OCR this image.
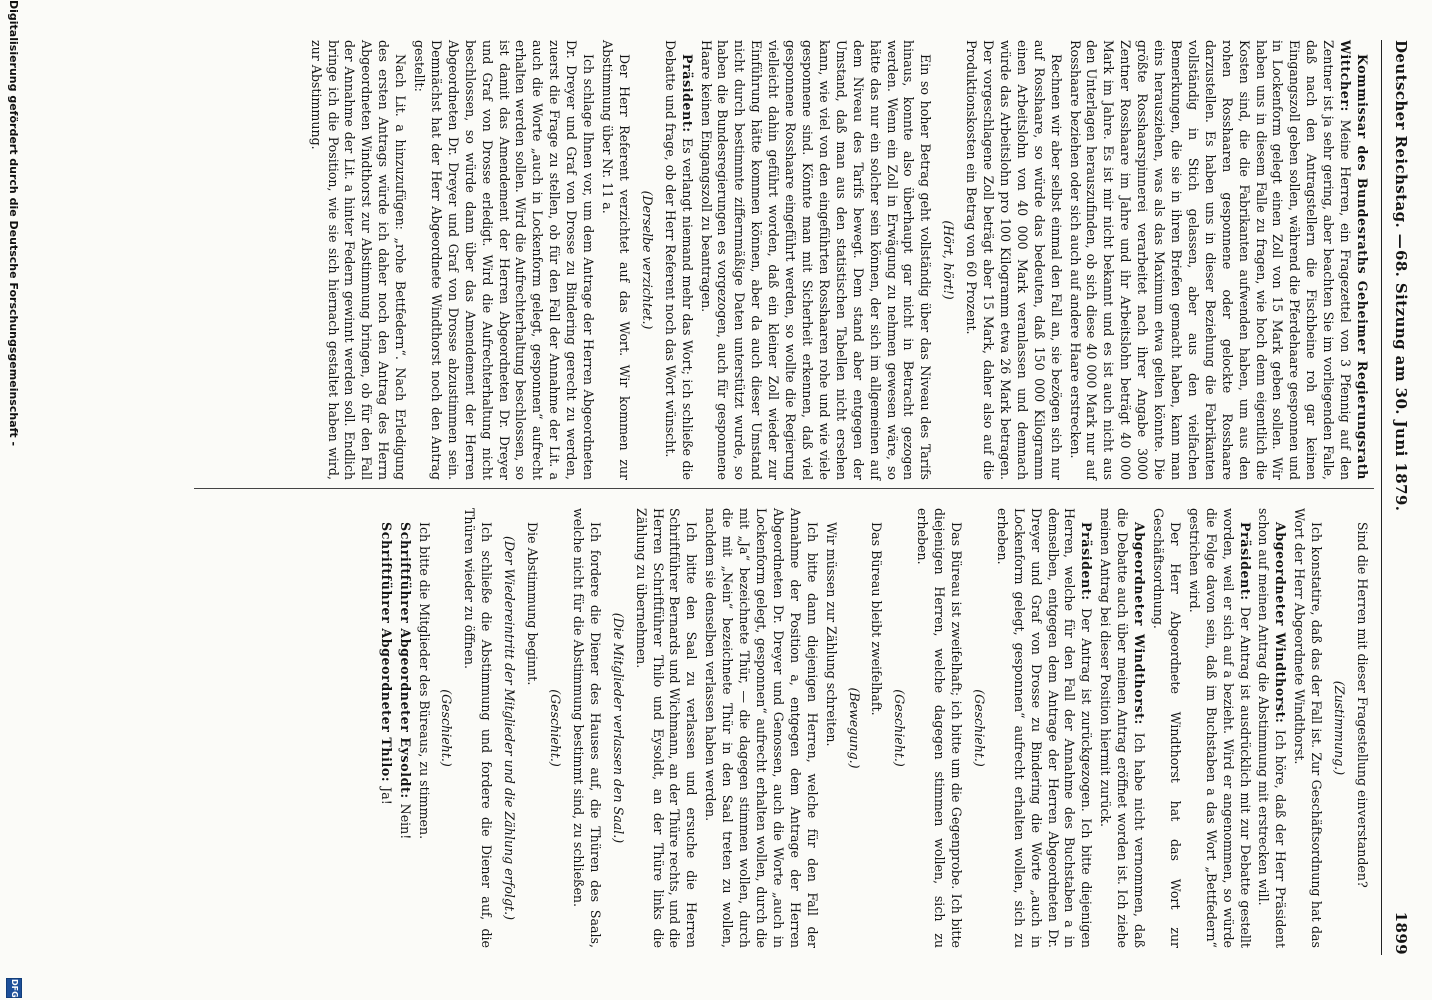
Deutscher Reichstag. —
68. Sitzung am 30. Juni 1879.
1899

Kommissar des Bundesraths Geheimer Regierungsrath Wittcher: Meine Herren, ein Fragezettel von 3 Pfennig auf den Zentner ist ja sehr gering, aber beachten Sie im vorliegenden Falle, daß nach den Antragstellern die Fischbeine roh gar keinen Eingangszoll geben sollen, während die Pferdehaare gesponnen und in Lockenform gelegt einen Zoll von 15 Mark geben sollen. Wir haben uns in diesem Falle zu fragen, wie hoch denn eigentlich die Kosten sind, die die Fabrikanten aufwenden haben, um aus den rohen Rosshaaren gesponnene oder gelockte Rosshaare darzustellen. Es haben uns in dieser Beziehung die Fabrikanten vollständig in Stich gelassen, aber aus den vielfachen Bemerkungen, die sie in ihren Briefen gemacht haben, kann man eins herausziehen, was als das Maximum etwa gelten könnte. Die größte Rosshaarspinnerei verarbeitet nach ihrer Angabe 3000 Zentner Rosshaare im Jahre und ihr Arbeitslohn beträgt 40 000 Mark im Jahre. Es ist mir nicht bekannt und es ist auch nicht aus den Unterlagen herauszufinden, ob sich diese 40 000 Mark nur auf Rosshaare beziehen oder sich auch auf andere Haare erstrecken.

Rechnen wir aber selbst einmal den Fall an, sie bezögen sich nur auf Rosshaare, so würde das bedeuten, daß 150 000 Kilogramm einen Arbeitslohn von 40 000 Mark veranlassen und demnach würde das Arbeitslohn pro 100 Kilogramm etwa 26 Mark betragen. Der vorgeschlagene Zoll beträgt aber 15 Mark, daher also auf die Produktionskosten ein Betrag von 60 Prozent.

(Hört, hört!)

Ein so hoher Betrag geht vollständig über das Niveau des Tarifs hinaus, konnte also überhaupt gar nicht in Betracht gezogen werden. Wenn ein Zoll in Erwägung zu nehmen gewesen wäre, so hätte das nur ein solcher sein können, der sich im allgemeinen auf dem Niveau des Tarifs bewegt. Dem stand aber entgegen der Umstand, daß man aus den statistischen Tabellen nicht ersehen kann, wie viel von den eingeführten Rosshaaren rohe und wie viele gesponnene sind. Könnte man mit Sicherheit erkennen, daß viel gesponnene Rosshaare eingeführt werden, so wollte die Regierung vielleicht dahin geführt worden, daß ein kleiner Zoll wieder zur Einführung hätte kommen können, aber da auch dieser Umstand nicht durch bestimmte ziffernmäßige Daten unterstützt wurde, so haben die Bundesregierungen es vorgezogen, auch für gesponnene Haare keinen Eingangszoll zu beantragen.

Präsident: Es verlangt niemand mehr das Wort; ich schließe die Debatte und frage, ob der Herr Referent noch das Wort wünscht.

(Derselbe verzichtet.)

Der Herr Referent verzichtet auf das Wort. Wir kommen zur Abstimmung über Nr. 11 a.

Ich schlage Ihnen vor, um dem Antrage der Herren Abgeordneten Dr. Dreyer und Graf von Drosse zu Bindering gerecht zu werden, zuerst die Frage zu stellen, ob für den Fall der Annahme der Lit. a auch die Worte „auch in Lockenform gelegt, gesponnen“ aufrecht erhalten werden sollen. Wird die Aufrechterhaltung beschlossen, so ist damit das Amendement der Herren Abgeordneten Dr. Dreyer und Graf von Drosse erledigt. Wird die Aufrechterhaltung nicht beschlossen, so würde dann über das Amendement der Herren Abgeordneten Dr. Dreyer und Graf von Drosse abzustimmen sein. Demnächst hat der Herr Abgeordnete Windthorst noch den Antrag gestellt:

Nach Lit. a hinzuzufügen: „rohe Bettfedern“. Nach Erledigung des ersten Antrags würde ich daher noch den Antrag des Herrn Abgeordneten Windthorst zur Abstimmung bringen, ob für den Fall der Annahme der Lit. a hinter Federn gewinnt werden soll. Endlich bringe ich die Position, wie sie sich hiernach gestaltet haben wird, zur Abstimmung.

Sind die Herren mit dieser Fragestellung einverstanden?

(Zustimmung.)

Ich konstatire, daß das der Fall ist. Zur Geschäftsordnung hat das Wort der Herr Abgeordnete Windthorst.

Abgeordneter Windthorst: Ich höre, daß der Herr Präsident schon auf meinen Antrag die Abstimmung mit erstrecken will.

Präsident: Der Antrag ist ausdrücklich mit zur Debatte gestellt worden, weil er sich auf a bezieht. Wird er angenommen, so würde die Folge davon sein, daß im Buchstaben a das Wort „Bettfedern“ gestrichen wird.

Der Herr Abgeordnete Windthorst hat das Wort zur Geschäftsordnung.

Abgeordneter Windthorst: Ich habe nicht vernommen, daß die Debatte auch über meinen Antrag eröffnet worden ist. Ich ziehe meinen Antrag bei dieser Position hiermit zurück.

Präsident: Der Antrag ist zurückgezogen. Ich bitte diejenigen Herren, welche für den Fall der Annahme des Buchstaben a in demselben, entgegen dem Antrage der Herren Abgeordneten Dr. Dreyer und Graf von Drosse zu Bindering die Worte „auch in Lockenform gelegt, gesponnen“ aufrecht erhalten wollen, sich zu erheben.

(Geschieht.)

Das Büreau ist zweifelhaft; ich bitte um die Gegenprobe. Ich bitte diejenigen Herren, welche dagegen stimmen wollen, sich zu erheben.

(Geschieht.)

Das Büreau bleibt zweifelhaft.

(Bewegung.)

Wir müssen zur Zählung schreiten.

Ich bitte dann diejenigen Herren, welche für den Fall der Annahme der Position a, entgegen dem Antrage der Herren Abgeordneten Dr. Dreyer und Genossen, auch die Worte „auch in Lockenform gelegt, gesponnen“ aufrecht erhalten wollen, durch die mit „Ja“ bezeichnete Thür, — die dagegen stimmen wollen, durch die mit „Nein“ bezeichnete Thür in den Saal treten zu wollen, nachdem sie denselben verlassen haben werden.

Ich bitte den Saal zu verlassen und ersuche die Herren Schriftführer Bernards und Wichmann, an der Thüre rechts, und die Herren Schriftführer Thilo und Eysoldt, an der Thüre links die Zählung zu übernehmen.

(Die Mitglieder verlassen den Saal.)

Ich fordere die Diener des Hauses auf, die Thüren des Saals, welche nicht für die Abstimmung bestimmt sind, zu schließen.

(Geschieht.)

Die Abstimmung beginnt.

(Der Wiedereintritt der Mitglieder und die Zählung erfolgt.)

Ich schließe die Abstimmung und fordere die Diener auf, die Thüren wieder zu öffnen.

(Geschieht.)

Ich bitte die Mitglieder des Büreaus, zu stimmen.

Schriftführer Abgeordneter Eysoldt: Nein!

Schriftführer Abgeordneter Thilo: Ja!

Digitalisierung gefördert durch die Deutsche Forschungsgemeinschaft -
DFG
